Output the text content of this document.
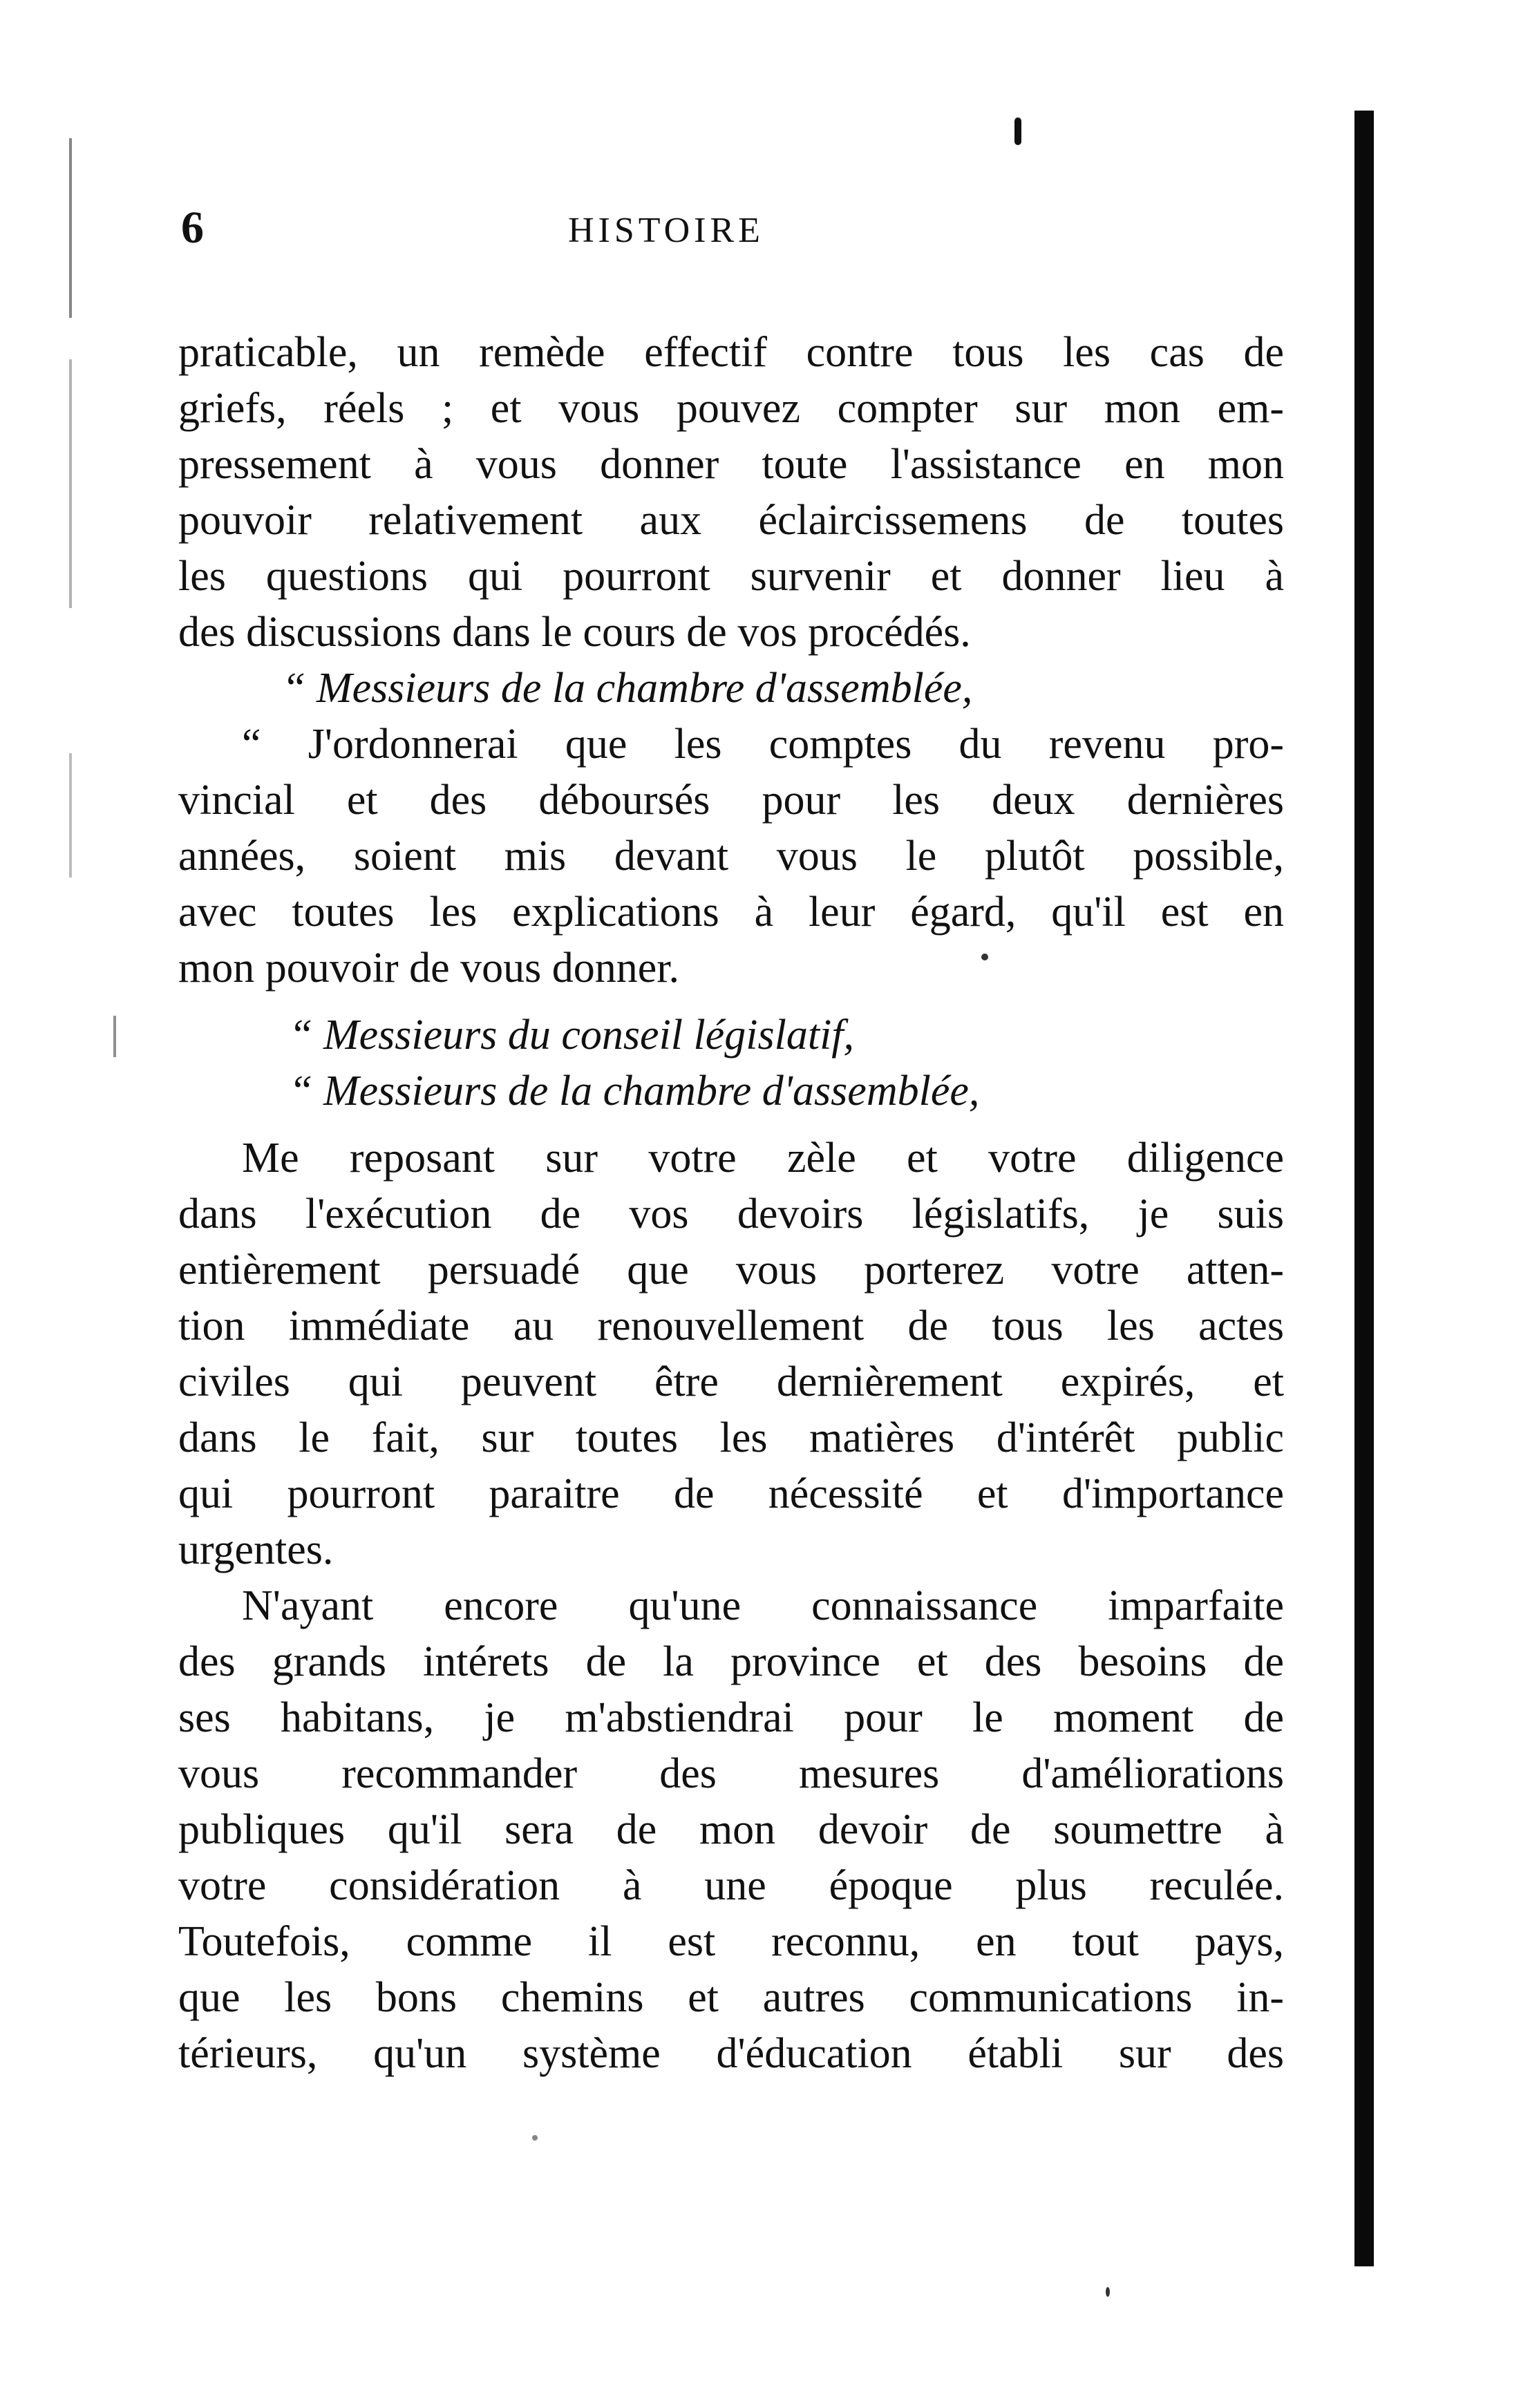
6	HISTOIRE
praticable, un remède effectif contre tous les cas de
griefs, réels ; et vous pouvez compter sur mon em-
pressement à vous donner toute l'assistance en mon
pouvoir relativement aux éclaircissemens de toutes
les questions qui pourront survenir et donner lieu à
des discussions dans le cours de vos procédés.
“ Messieurs de la chambre d'assemblée,
“ J'ordonnerai que les comptes du revenu pro-
vincial et des déboursés pour les deux dernières
années, soient mis devant vous le plutôt possible,
avec toutes les explications à leur égard, qu'il est en
mon pouvoir de vous donner.
“ Messieurs du conseil législatif,
“ Messieurs de la chambre d'assemblée,
Me reposant sur votre zèle et votre diligence
dans l'exécution de vos devoirs législatifs, je suis
entièrement persuadé que vous porterez votre atten-
tion immédiate au renouvellement de tous les actes
civiles qui peuvent être dernièrement expirés, et
dans le fait, sur toutes les matières d'intérêt public
qui pourront paraitre de nécessité et d'importance
urgentes.
N'ayant encore qu'une connaissance imparfaite
des grands intérets de la province et des besoins de
ses habitans, je m'abstiendrai pour le moment de
vous recommander des mesures d'améliorations
publiques qu'il sera de mon devoir de soumettre à
votre considération à une époque plus reculée.
Toutefois, comme il est reconnu, en tout pays,
que les bons chemins et autres communications in-
térieurs, qu'un système d'éducation établi sur des
